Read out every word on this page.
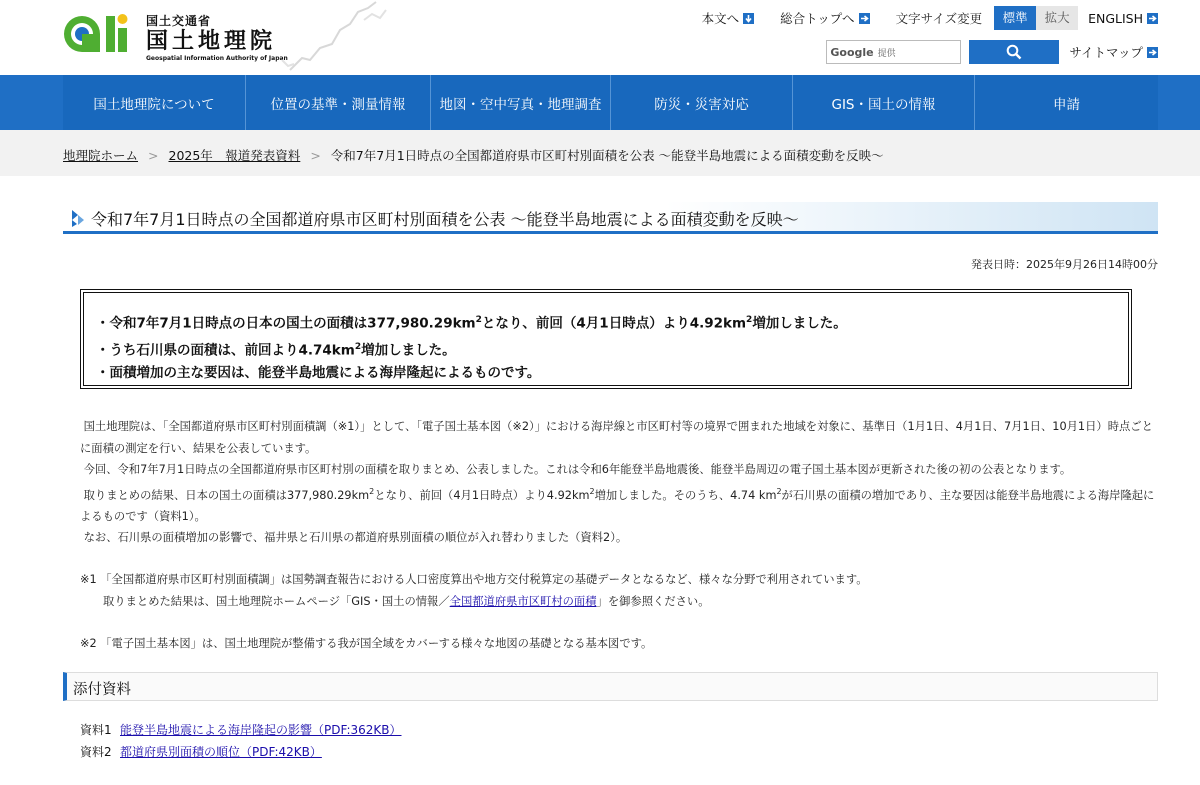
国土交通省
国土地理院
Geospatial Information Authority of Japan
本文へ	総合トップへ	文字サイズ変更	標準	拡大	ENGLISH
Google 提供	サイトマップ
国土地理院について	位置の基準・測量情報	地図・空中写真・地理調査	防災・災害対応	GIS・国土の情報	申請
地理院ホーム > 2025年　報道発表資料 > 令和7年7月1日時点の全国都道府県市区町村別面積を公表 〜能登半島地震による面積変動を反映〜
令和7年7月1日時点の全国都道府県市区町村別面積を公表 〜能登半島地震による面積変動を反映〜
発表日時：2025年9月26日14時00分
・令和7年7月1日時点の日本の国土の面積は$377,980.29km^2$となり、前回（4月1日時点）より$4.92km^2$増加しました。
・うち石川県の面積は、前回より$4.74km^2$増加しました。
・面積増加の主な要因は、能登半島地震による海岸隆起によるものです。

国土地理院は、「全国都道府県市区町村別面積調（※1）」として、「電子国土基本図（※2）」における海岸線と市区町村等の境界で囲まれた地域を対象に、基準日（1月1日、4月1日、7月1日、10月1日）時点ごとに面積の測定を行い、結果を公表しています。

今回、令和7年7月1日時点の全国都道府県市区町村別の面積を取りまとめ、公表しました。これは令和6年能登半島地震後、能登半島周辺の電子国土基本図が更新された後の初の公表となります。

取りまとめの結果、日本の国土の面積は$377,980.29km^2$となり、前回（4月1日時点）より$4.92km^2$増加しました。そのうち、4.74 $km^2$が石川県の面積の増加であり、主な要因は能登半島地震による海岸隆起によるものです（資料1）。

なお、石川県の面積増加の影響で、福井県と石川県の都道府県別面積の順位が入れ替わりました（資料2）。

※1 「全国都道府県市区町村別面積調」は国勢調査報告における人口密度算出や地方交付税算定の基礎データとなるなど、様々な分野で利用されています。
取りまとめた結果は、国土地理院ホームページ「GIS・国土の情報／全国都道府県市区町村の面積」を御参照ください。
※2 「電子国土基本図」は、国土地理院が整備する我が国全域をカバーする様々な地図の基礎となる基本図です。
添付資料
資料1 能登半島地震による海岸隆起の影響（PDF:362KB）
資料2 都道府県別面積の順位（PDF:42KB）
